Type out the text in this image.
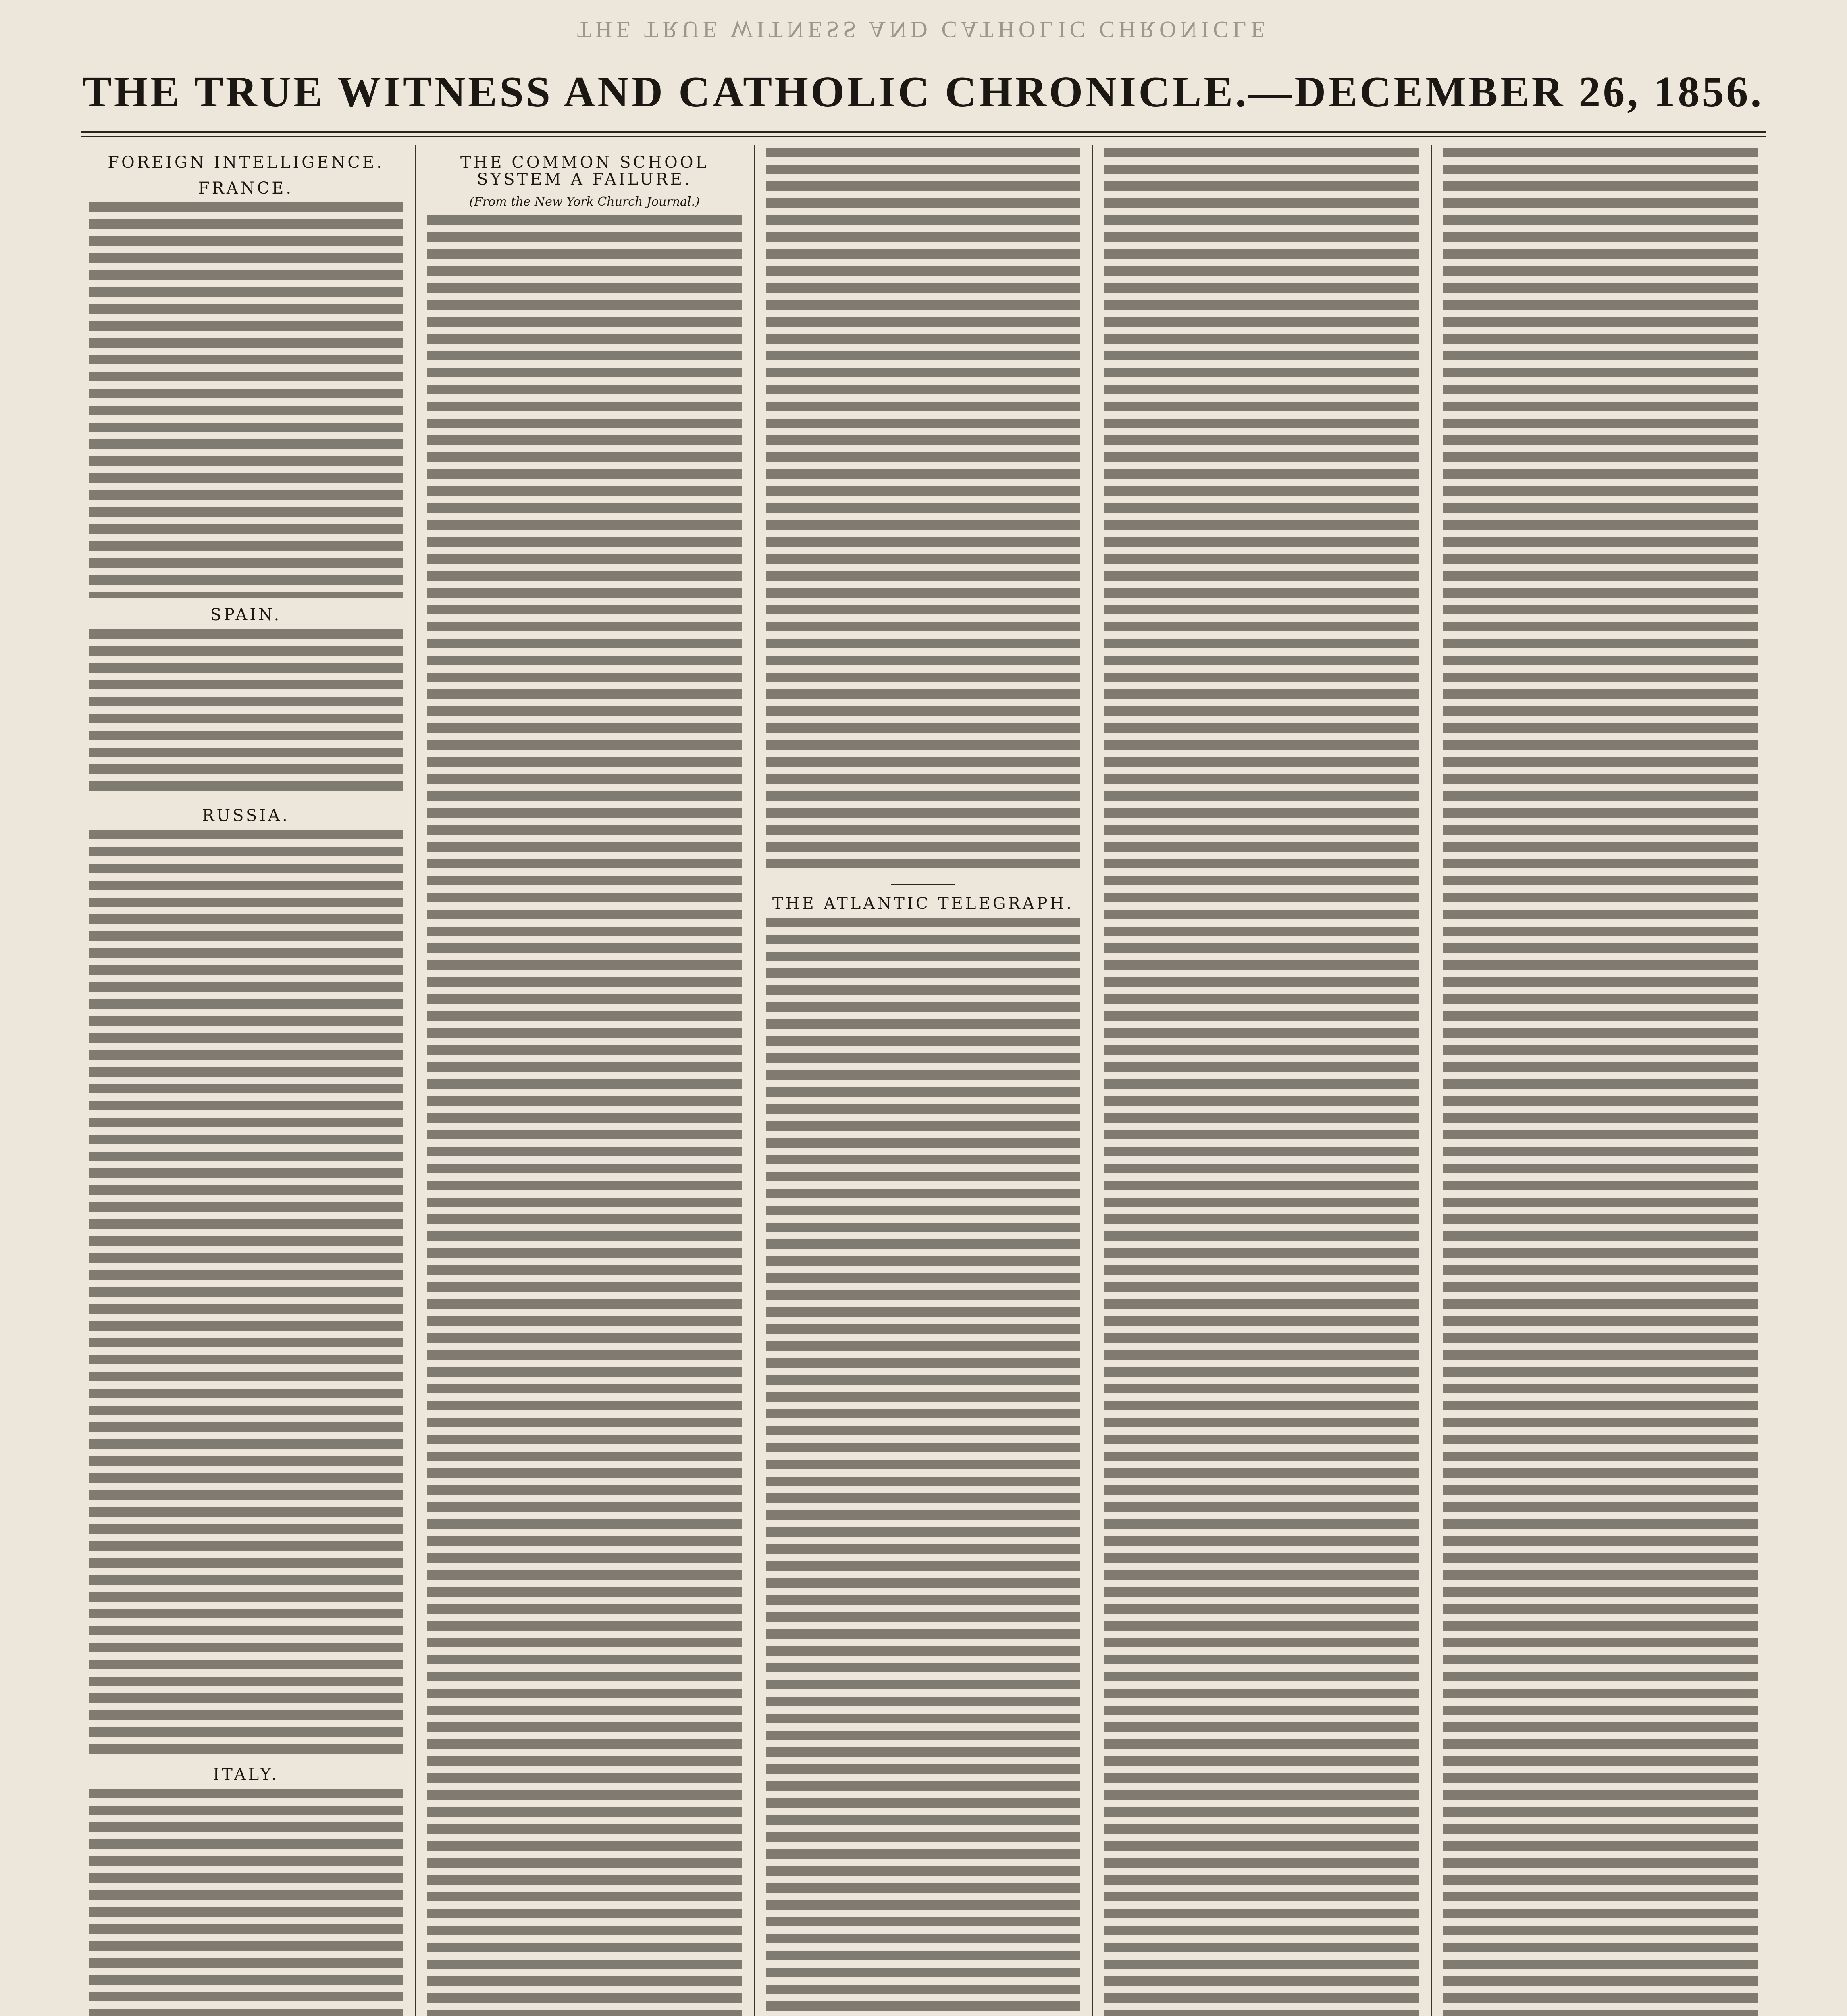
THE TRUE WITNESS AND CATHOLIC CHRONICLE
THE TRUE WITNESS AND CATHOLIC CHRONICLE.—DECEMBER 26, 1856.
FOREIGN INTELLIGENCE.
FRANCE.
SPAIN.
RUSSIA.
ITALY.
THE COMMON SCHOOL SYSTEM A FAILURE.
(From the New York Church Journal.)
THE ATLANTIC TELEGRAPH.
